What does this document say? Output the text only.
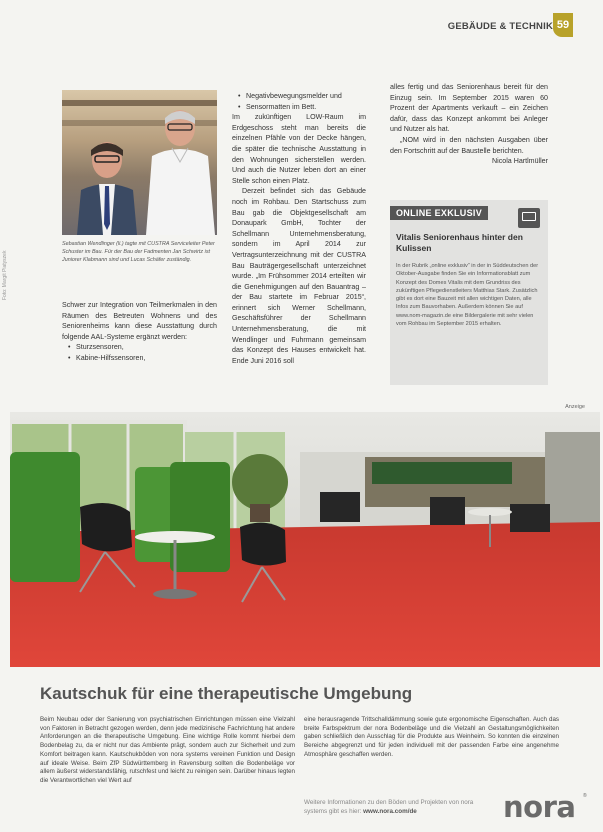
GEBÄUDE & TECHNIK 59
Foto: Margit Piatyszek
Sebastian Wendlinger (li.) tagte mit CUSTRA Serviceleiter Peter Schuster im Bau. Für der Bau der Fadmenten Jan Schwirtz ist Juniorer Klabmann sind und Lucas Schäfer zuständig.

Schwer zur Integration von Teilmerkmalen in den Räumen des Betreuten Wohnens und des Seniorenheims kann diese Ausstattung durch folgende AAL-Systeme ergänzt werden:

• Sturzsensoren,
• Kabine-Hilfssensoren,
• Negativbewegungsmelder und
• Sensormatten im Bett.

Im zukünftigen LOW-Raum im Erdgeschoss steht man bereits die einzelnen Pfähle von der Decke hängen, die später die technische Ausstattung in den Wohnungen sicherstellen werden. Und auch die Nutzer leben dort an einer Stelle schon einen Platz.

Derzeit befindet sich das Gebäude noch im Rohbau. Den Startschuss zum Bau gab die Objektgesellschaft am Donaupark GmbH, Tochter der Schellmann Unternehmensberatung, sondern im April 2014 zur Vertragsunterzeichnung mit der CUSTRA Bau Bauträgergesellschaft unterzeichnet wurde. „Im Frühsommer 2014 erteilten wir die Genehmigungen auf den Bauantrag – der Bau startete im Februar 2015“, erinnert sich Werner Schellmann, Geschäftsführer der Schellmann Unternehmensberatung, die mit Wendlinger und Fuhrmann gemeinsam das Konzept des Hauses entwickelt hat. Ende Juni 2016 soll

alles fertig und das Seniorenhaus bereit für den Einzug sein. Im September 2015 waren 60 Prozent der Apartments verkauft – ein Zeichen dafür, dass das Konzept ankommt bei Anleger und Nutzer als hat.

„NOM wird in den nächsten Ausgaben über den Fortschritt auf der Baustelle berichten.

Nicola Hartlmüller

ONLINE EXKLUSIV
Vitalis Seniorenhaus hinter den Kulissen
In der Rubrik „online exklusiv“ in der in Süddeutschen der Oktober-Ausgabe finden Sie ein Informationsblatt zum Konzept des Domes Vitalis mit dem Grundriss des zukünftigen Pflegedienstleiters Matthias Stark. Zusätzlich gibt es dort eine Bauzeit mit allen wichtigen Daten, alle Infos zum Bauvorhaben. Außerdem können Sie auf www.nom-magazin.de eine Bildergalerie mit sehr vielen vom Rohbau im September 2015 erhalten.
Anzeige
Kautschuk für eine therapeutische Umgebung
Beim Neubau oder der Sanierung von psychiatrischen Einrichtungen müssen eine Vielzahl von Faktoren in Betracht gezogen werden, denn jede medizinische Fachrichtung hat andere Anforderungen an die therapeutische Umgebung. Eine wichtige Rolle kommt hierbei dem Bodenbelag zu, da er nicht nur das Ambiente prägt, sondern auch zur Sicherheit und zum Komfort beitragen kann. Kautschukböden von nora systems vereinen Funktion und Design auf ideale Weise. Beim ZfP Südwürttemberg in Ravensburg sollten die Bodenbeläge vor allem äußerst widerstandsfähig, rutschfest und leicht zu reinigen sein. Darüber hinaus legten die Verantwortlichen viel Wert auf
eine herausragende Trittschalldämmung sowie gute ergonomische Eigenschaften. Auch das breite Farbspektrum der nora Bodenbeläge und die Vielzahl an Gestaltungsmöglichkeiten gaben schließlich den Ausschlag für die Produkte aus Weinheim. So konnten die einzelnen Bereiche abgegrenzt und für jeden individuell mit der passenden Farbe eine angenehme Atmosphäre geschaffen werden.
Weitere Informationen zu den Böden und Projekten von nora systems gibt es hier: www.nora.com/de	nora ®
